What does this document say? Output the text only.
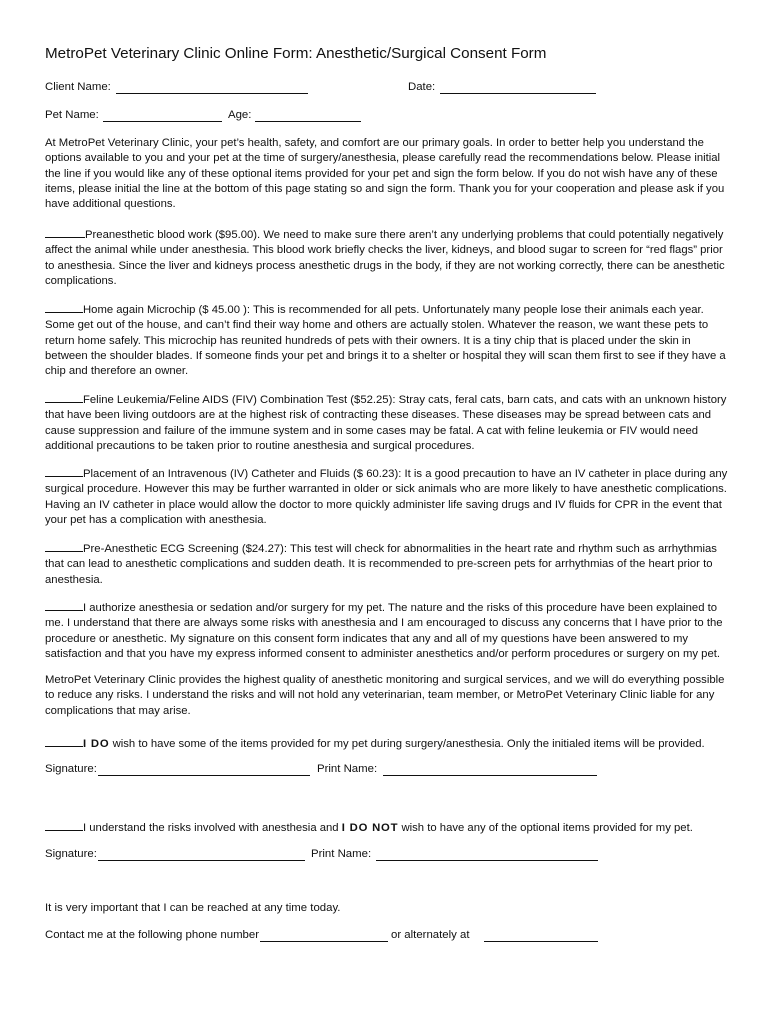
MetroPet Veterinary Clinic Online Form: Anesthetic/Surgical Consent Form
Client Name:	Date:
Pet Name:	Age:
At MetroPet Veterinary Clinic, your pet’s health, safety, and comfort are our primary goals. In order to better help you understand the options available to you and your pet at the time of surgery/anesthesia, please carefully read the recommendations below. Please initial the line if you would like any of these optional items provided for your pet and sign the form below. If you do not wish have any of these items, please initial the line at the bottom of this page stating so and sign the form. Thank you for your cooperation and please ask if you have additional questions.
Preanesthetic blood work ($95.00). We need to make sure there aren’t any underlying problems that could potentially negatively affect the animal while under anesthesia. This blood work briefly checks the liver, kidneys, and blood sugar to screen for “red flags” prior to anesthesia. Since the liver and kidneys process anesthetic drugs in the body, if they are not working correctly, there can be anesthetic complications.
Home again Microchip ($ 45.00 ): This is recommended for all pets. Unfortunately many people lose their animals each year. Some get out of the house, and can’t find their way home and others are actually stolen. Whatever the reason, we want these pets to return home safely. This microchip has reunited hundreds of pets with their owners. It is a tiny chip that is placed under the skin in between the shoulder blades. If someone finds your pet and brings it to a shelter or hospital they will scan them first to see if they have a chip and therefore an owner.
Feline Leukemia/Feline AIDS (FIV) Combination Test ($52.25): Stray cats, feral cats, barn cats, and cats with an unknown history that have been living outdoors are at the highest risk of contracting these diseases. These diseases may be spread between cats and cause suppression and failure of the immune system and in some cases may be fatal. A cat with feline leukemia or FIV would need additional precautions to be taken prior to routine anesthesia and surgical procedures.
Placement of an Intravenous (IV) Catheter and Fluids ($ 60.23): It is a good precaution to have an IV catheter in place during any surgical procedure. However this may be further warranted in older or sick animals who are more likely to have anesthetic complications. Having an IV catheter in place would allow the doctor to more quickly administer life saving drugs and IV fluids for CPR in the event that your pet has a complication with anesthesia.
Pre-Anesthetic ECG Screening ($24.27): This test will check for abnormalities in the heart rate and rhythm such as arrhythmias that can lead to anesthetic complications and sudden death. It is recommended to pre-screen pets for arrhythmias of the heart prior to anesthesia.
I authorize anesthesia or sedation and/or surgery for my pet. The nature and the risks of this procedure have been explained to me. I understand that there are always some risks with anesthesia and I am encouraged to discuss any concerns that I have prior to the procedure or anesthetic. My signature on this consent form indicates that any and all of my questions have been answered to my satisfaction and that you have my express informed consent to administer anesthetics and/or perform procedures or surgery on my pet.
MetroPet Veterinary Clinic provides the highest quality of anesthetic monitoring and surgical services, and we will do everything possible to reduce any risks. I understand the risks and will not hold any veterinarian, team member, or MetroPet Veterinary Clinic liable for any complications that may arise.
I DO wish to have some of the items provided for my pet during surgery/anesthesia. Only the initialed items will be provided.
Signature:	Print Name:
I understand the risks involved with anesthesia and I DO NOT wish to have any of the optional items provided for my pet.
Signature:	Print Name:
It is very important that I can be reached at any time today.
Contact me at the following phone number	or alternately at
